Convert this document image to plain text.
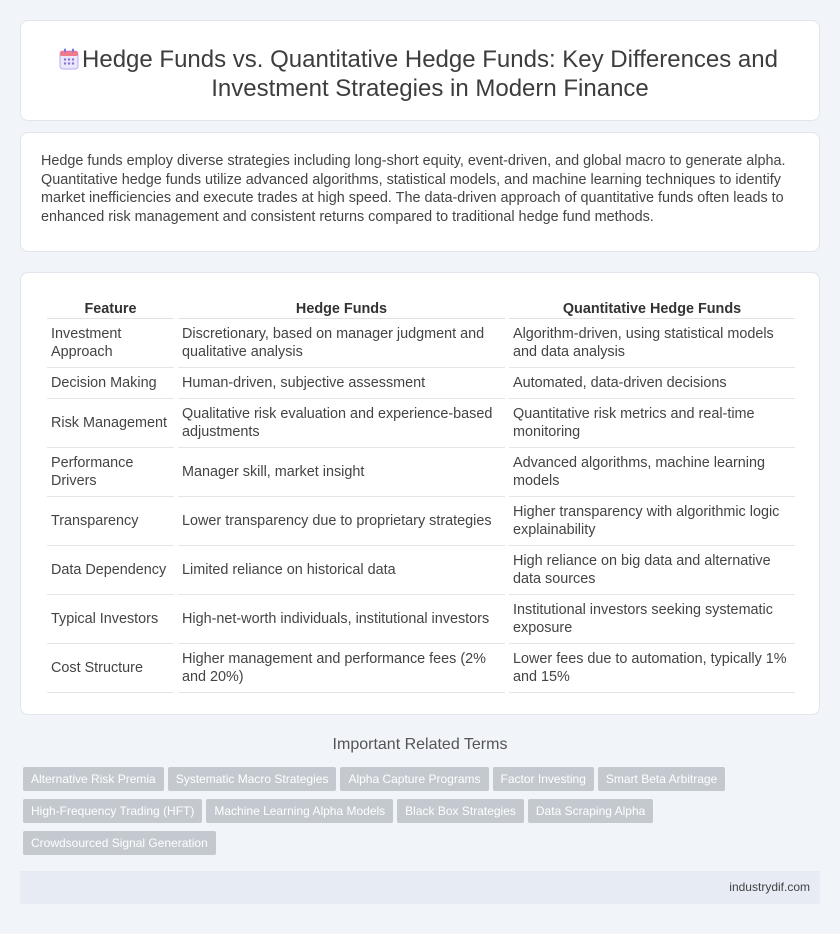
Hedge Funds vs. Quantitative Hedge Funds: Key Differences and Investment Strategies in Modern Finance

Hedge funds employ diverse strategies including long-short equity, event-driven, and global macro to generate alpha. Quantitative hedge funds utilize advanced algorithms, statistical models, and machine learning techniques to identify market inefficiencies and execute trades at high speed. The data-driven approach of quantitative funds often leads to enhanced risk management and consistent returns compared to traditional hedge fund methods.

Feature	Hedge Funds	Quantitative Hedge Funds
Investment Approach	Discretionary, based on manager judgment and qualitative analysis	Algorithm-driven, using statistical models and data analysis
Decision Making	Human-driven, subjective assessment	Automated, data-driven decisions
Risk Management	Qualitative risk evaluation and experience-based adjustments	Quantitative risk metrics and real-time monitoring
Performance Drivers	Manager skill, market insight	Advanced algorithms, machine learning models
Transparency	Lower transparency due to proprietary strategies	Higher transparency with algorithmic logic explainability
Data Dependency	Limited reliance on historical data	High reliance on big data and alternative data sources
Typical Investors	High-net-worth individuals, institutional investors	Institutional investors seeking systematic exposure
Cost Structure	Higher management and performance fees (2% and 20%)	Lower fees due to automation, typically 1% and 15%
Important Related Terms
Alternative Risk Premia Systematic Macro Strategies Alpha Capture Programs Factor Investing Smart Beta Arbitrage
High-Frequency Trading (HFT) Machine Learning Alpha Models Black Box Strategies Data Scraping Alpha
Crowdsourced Signal Generation
industrydif.com
